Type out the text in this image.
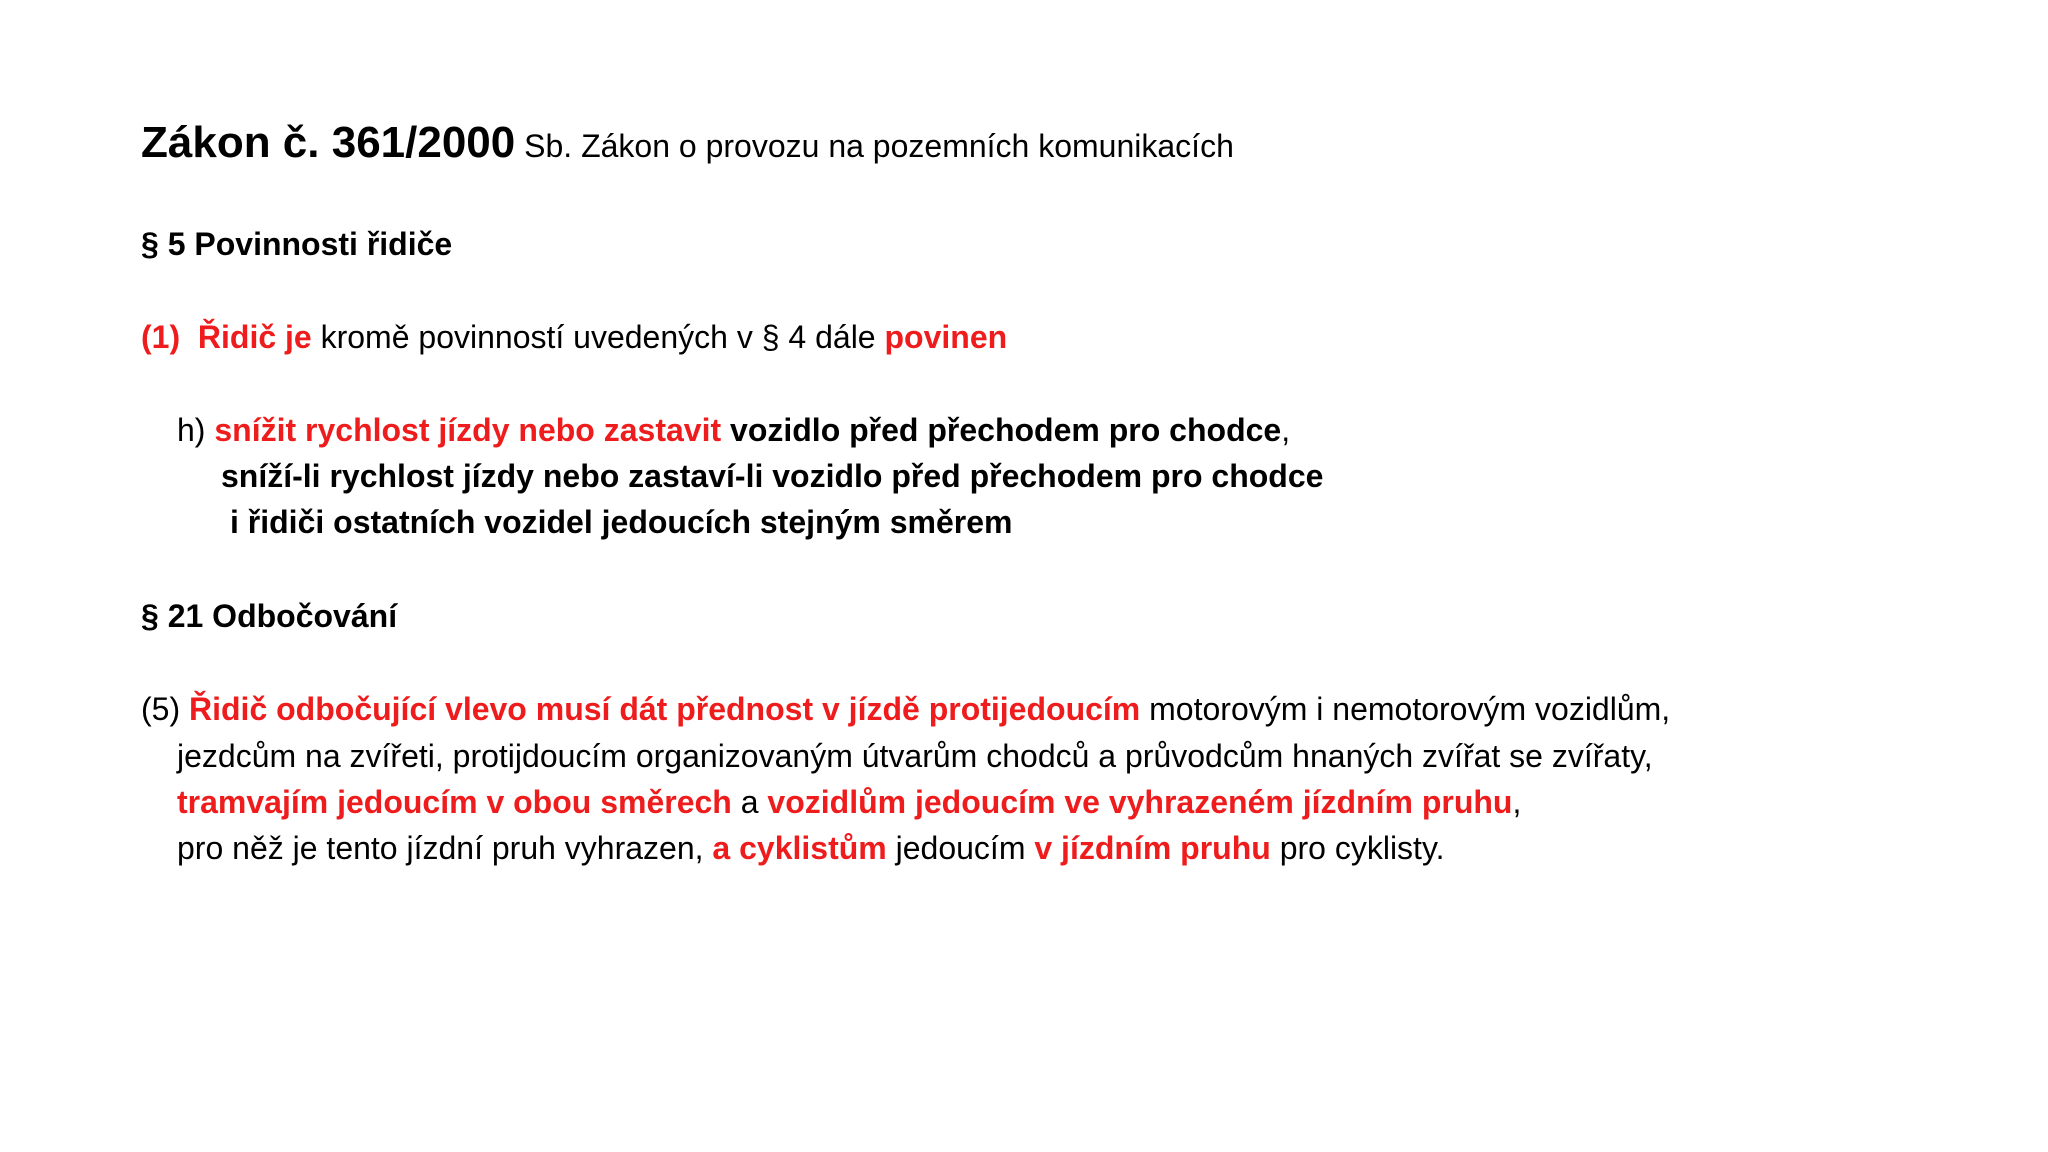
Zákon č. 361/2000 Sb. Zákon o provozu na pozemních komunikacích
§ 5 Povinnosti řidiče
(1) Řidič je kromě povinností uvedených v § 4 dále povinen
h) snížit rychlost jízdy nebo zastavit vozidlo před přechodem pro chodce,
sníží-li rychlost jízdy nebo zastaví-li vozidlo před přechodem pro chodce
i řidiči ostatních vozidel jedoucích stejným směrem
§ 21 Odbočování
(5) Řidič odbočující vlevo musí dát přednost v jízdě protijedoucím motorovým i nemotorovým vozidlům,
jezdcům na zvířeti, protijdoucím organizovaným útvarům chodců a průvodcům hnaných zvířat se zvířaty,
tramvajím jedoucím v obou směrech a vozidlům jedoucím ve vyhrazeném jízdním pruhu,
pro něž je tento jízdní pruh vyhrazen, a cyklistům jedoucím v jízdním pruhu pro cyklisty.
